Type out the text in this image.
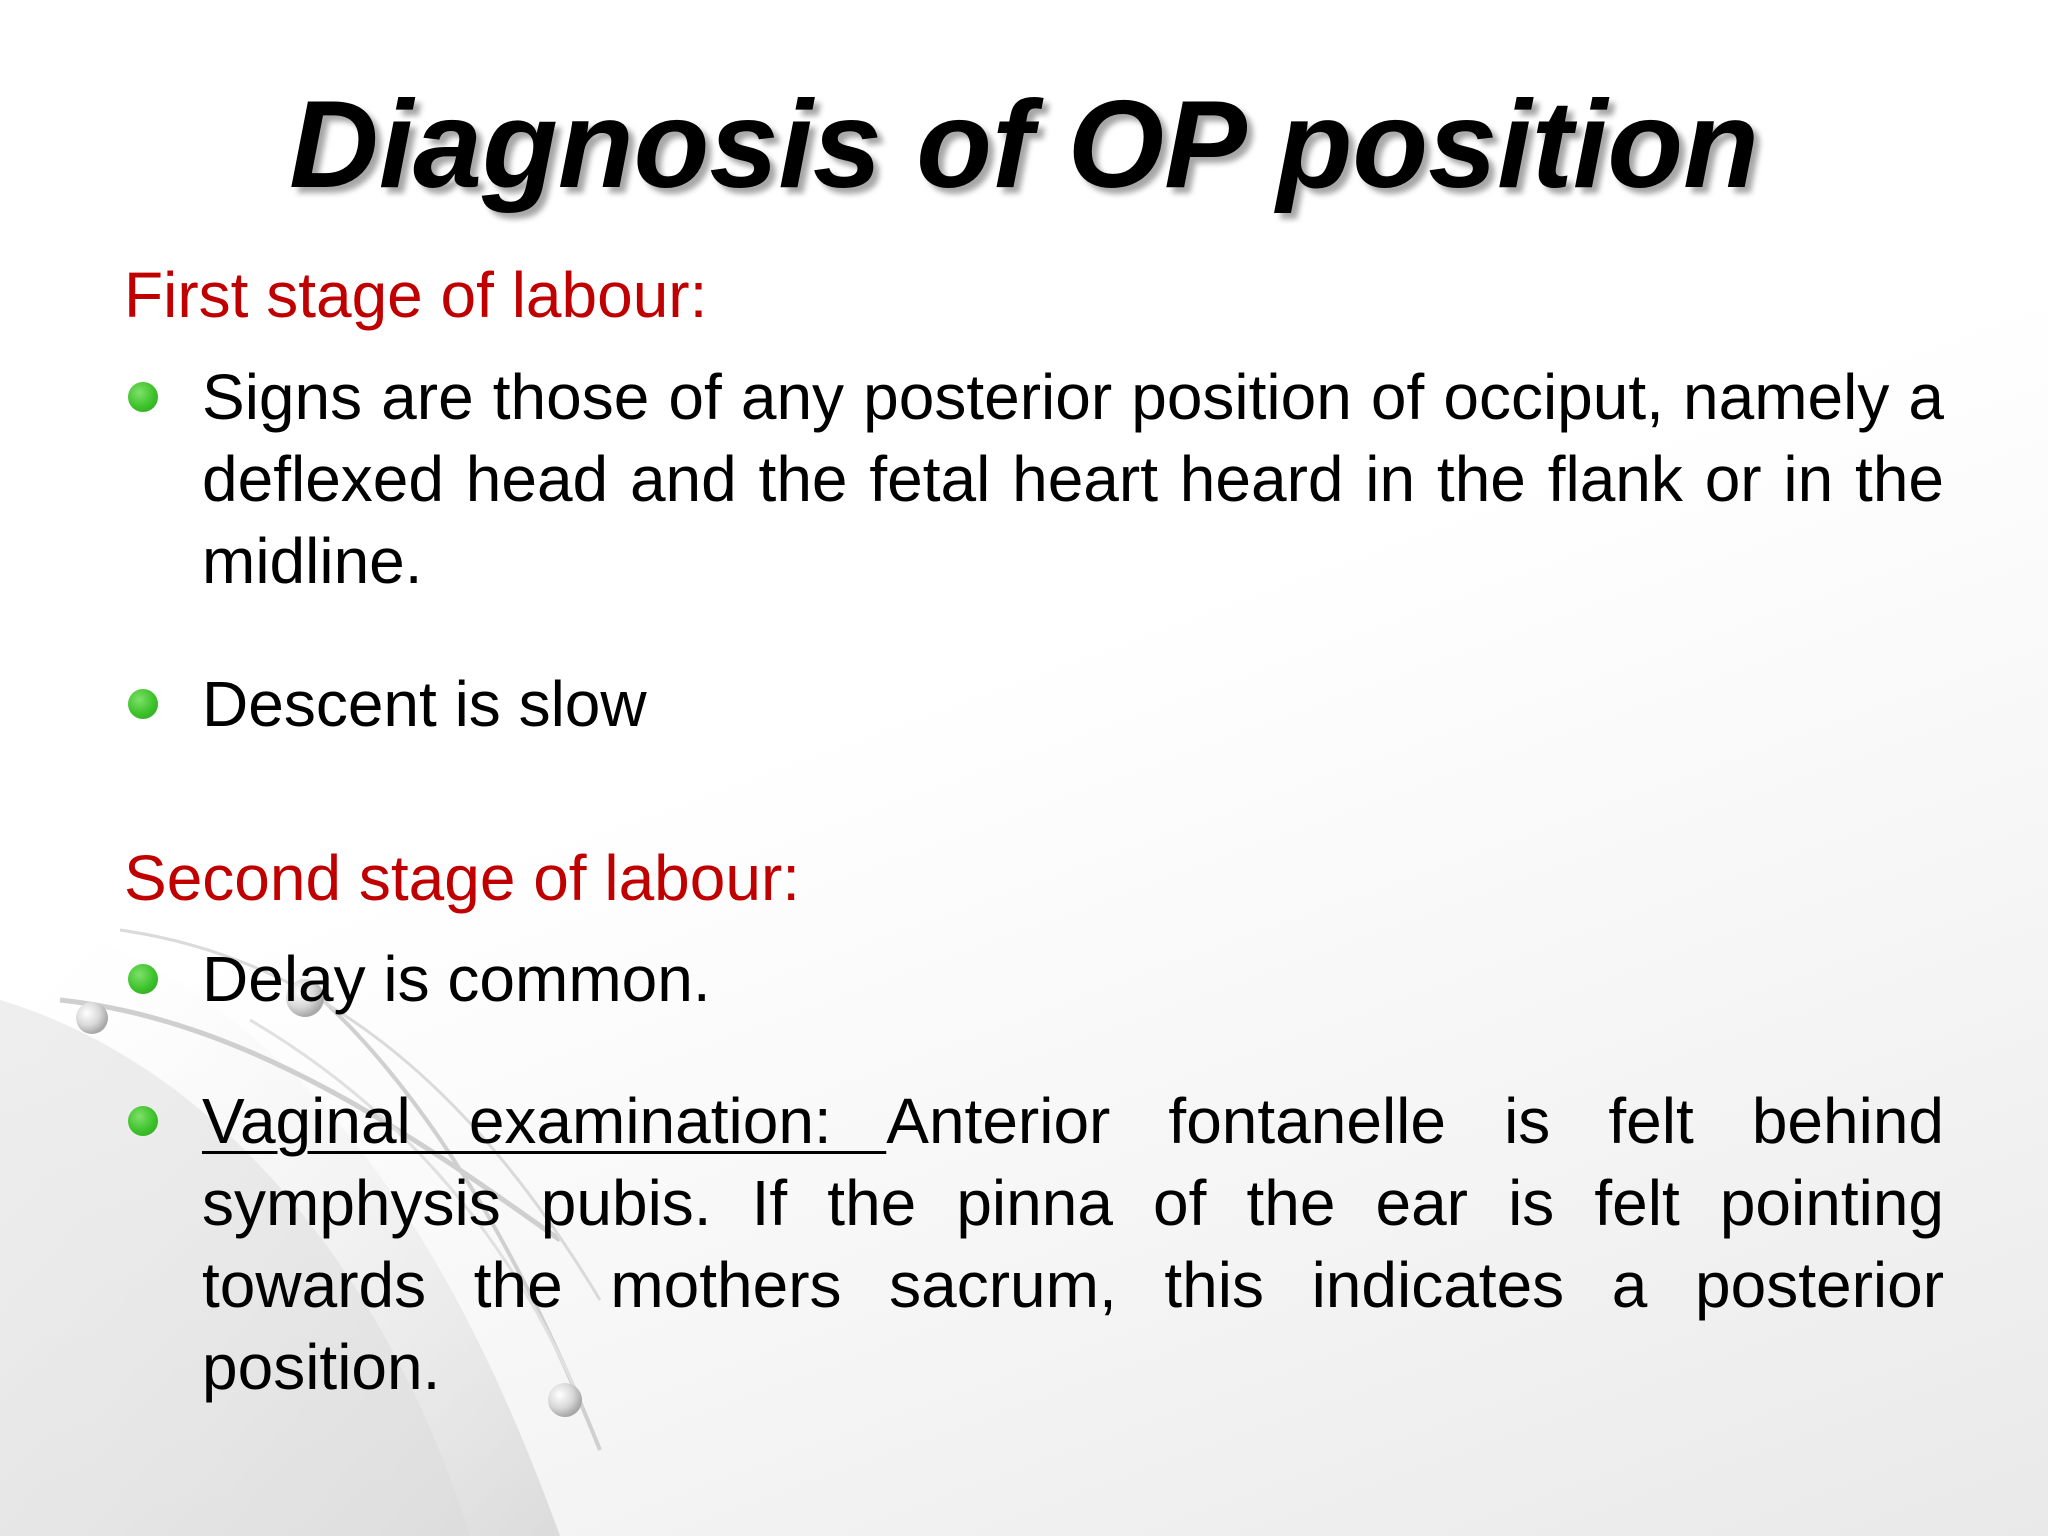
Diagnosis of OP position

First stage of labour:

Signs are those of any posterior position of occiput, namely a deflexed head and the fetal heart heard in the flank or in the midline.

Descent is slow

Second stage of labour:

Delay is common.

Vaginal examination: Anterior fontanelle is felt behind symphysis pubis. If the pinna of the ear is felt pointing towards the mothers sacrum, this indicates a posterior position.
